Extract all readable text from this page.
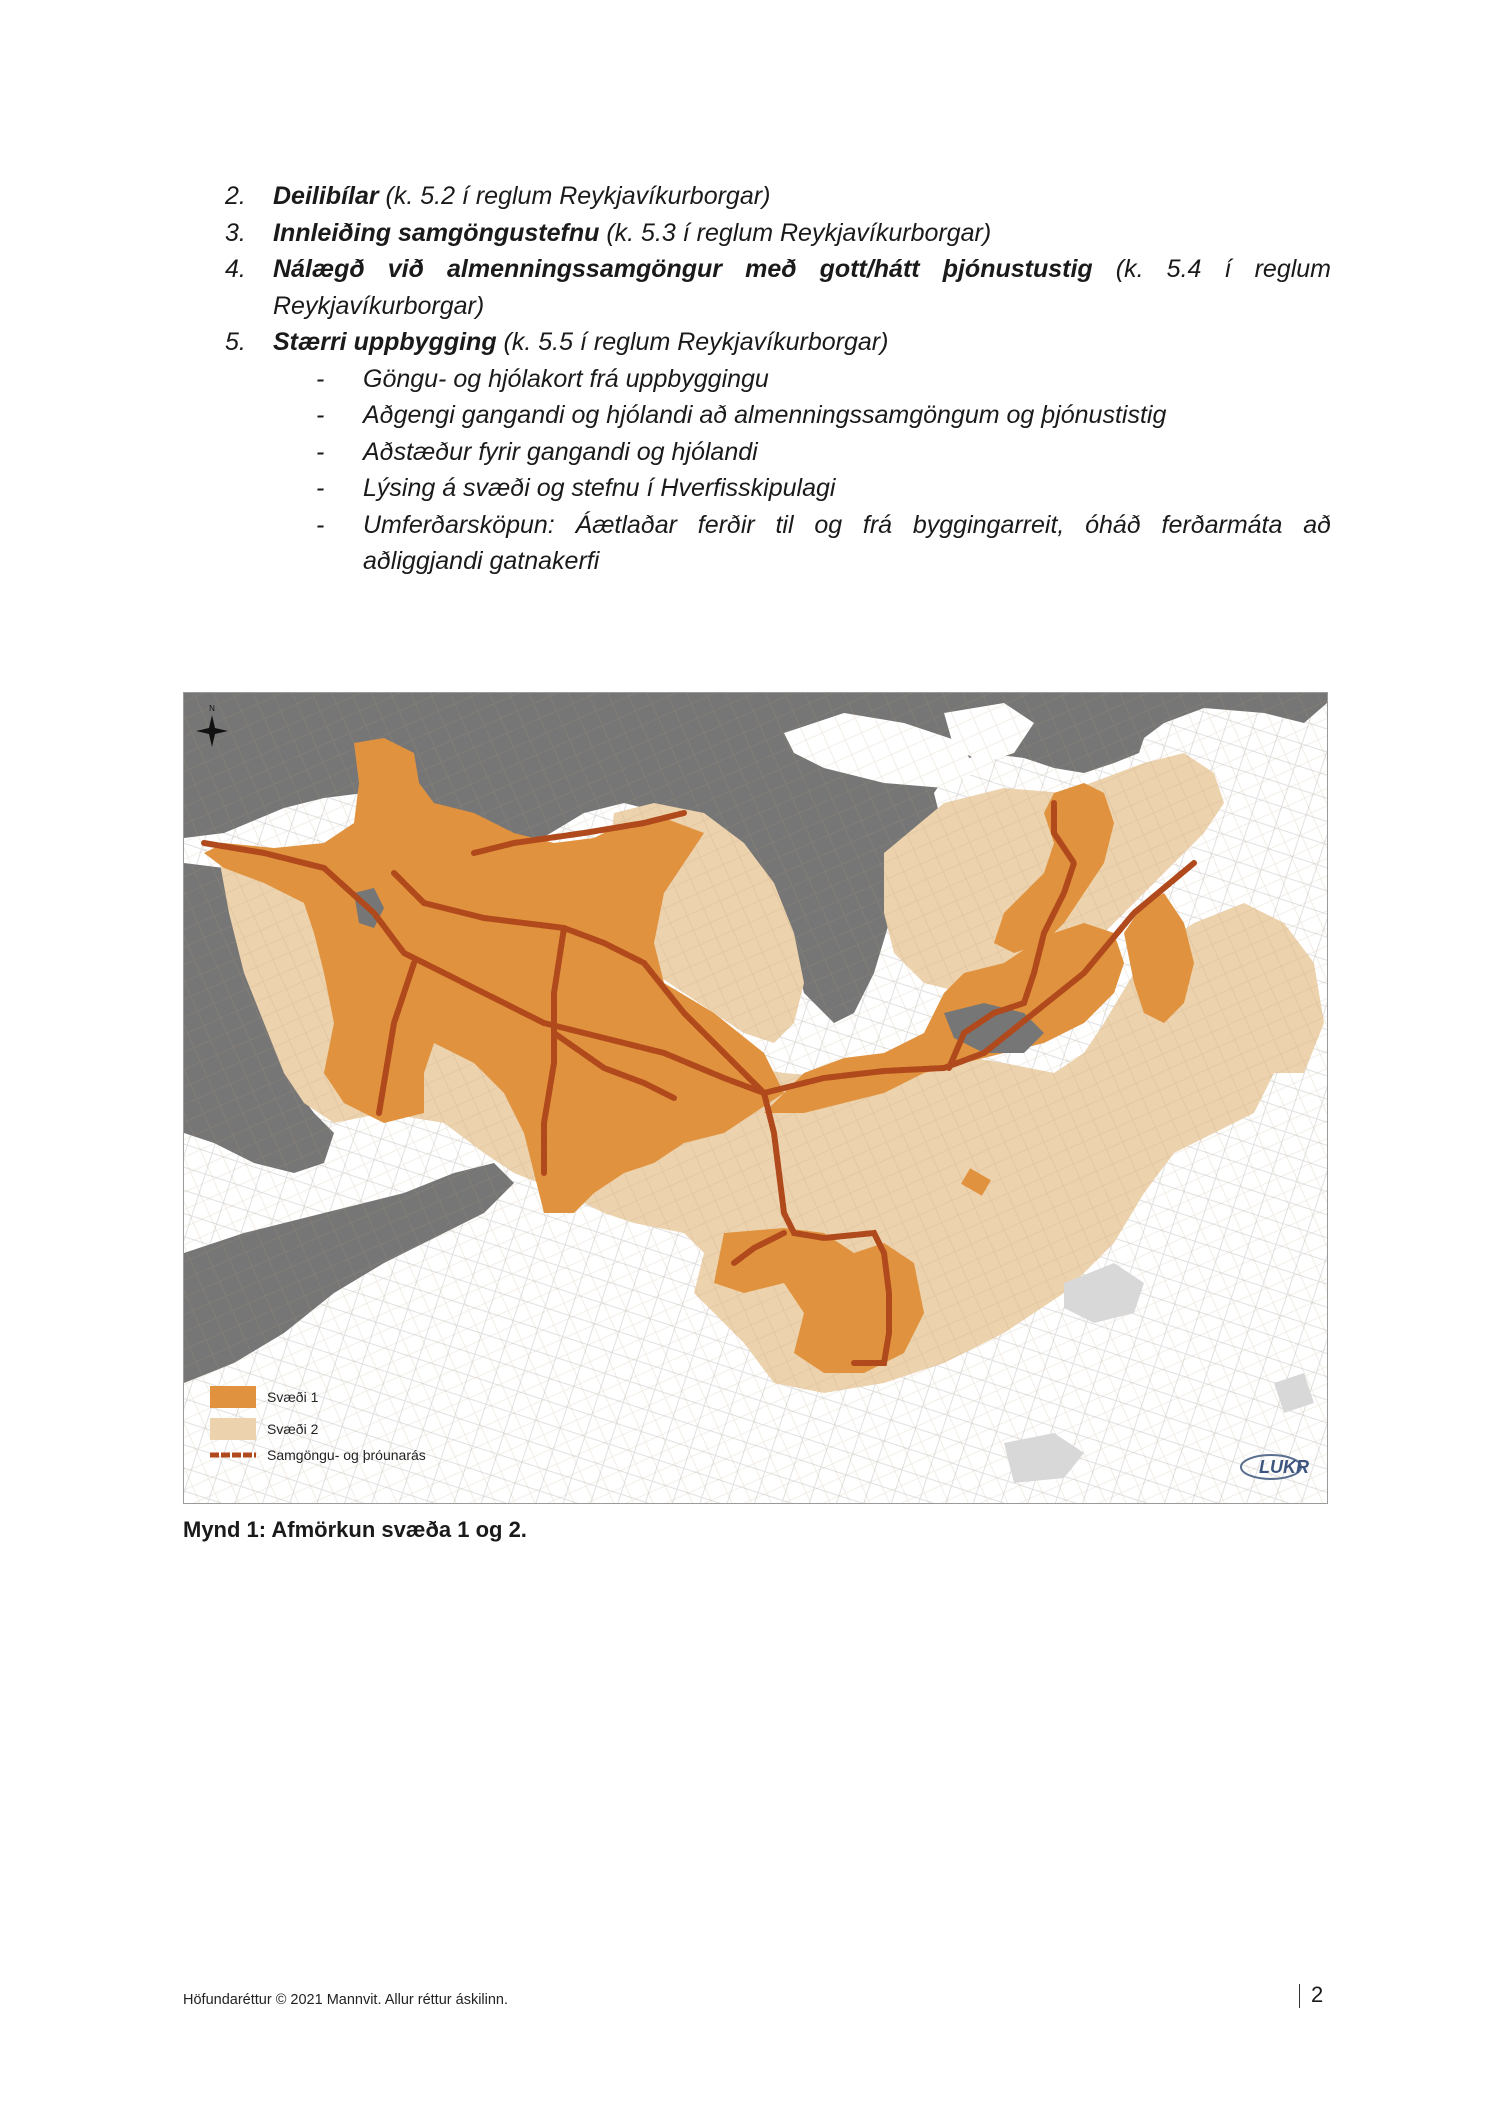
2. Deilibílar (k. 5.2 í reglum Reykjavíkurborgar)
3. Innleiðing samgöngustefnu (k. 5.3 í reglum Reykjavíkurborgar)
4. Nálægð við almenningssamgöngur með gott/hátt þjónustustig (k. 5.4 í reglum Reykjavíkurborgar)
5. Stærri uppbygging (k. 5.5 í reglum Reykjavíkurborgar)
- Göngu- og hjólakort frá uppbyggingu
- Aðgengi gangandi og hjólandi að almenningssamgöngum og þjónustistig
- Aðstæður fyrir gangandi og hjólandi
- Lýsing á svæði og stefnu í Hverfisskipulagi
- Umferðarsköpun: Áætlaðar ferðir til og frá byggingarreit, óháð ferðarmáta að aðliggjandi gatnakerfi
N
Svæði 1
Svæði 2
Samgöngu- og þróunarás
LUKR
Mynd 1: Afmörkun svæða 1 og 2.
Höfundaréttur © 2021 Mannvit. Allur réttur áskilinn.	2
